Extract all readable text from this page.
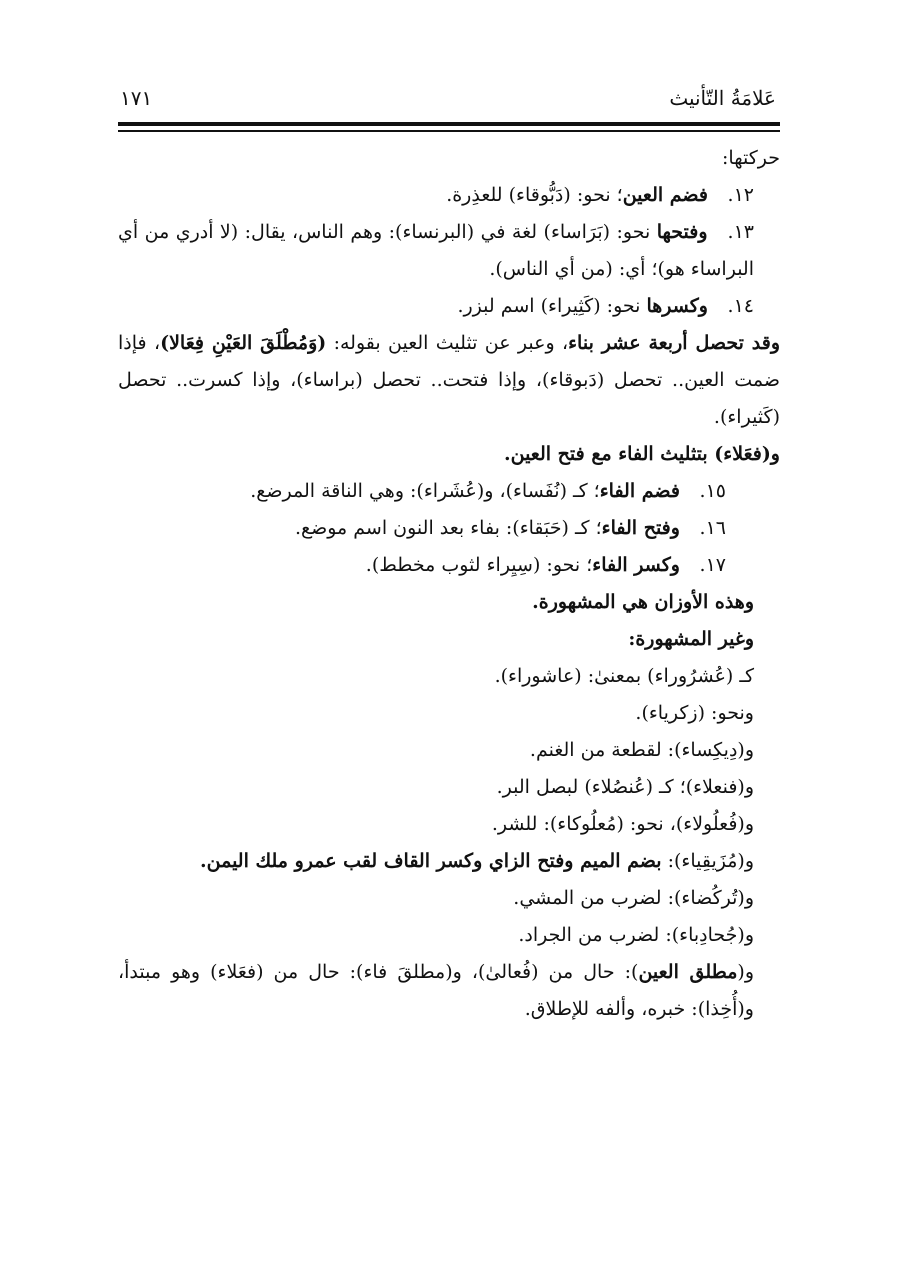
عَلامَةُ التّأنيث
١٧١

حركتها:

١٢. فضم العين؛ نحو: (دَبُّوقاء) للعذِرة.

١٣. وفتحها نحو: (بَرَاساء) لغة في (البرنساء): وهم الناس، يقال: (لا أدري من أي البراساء هو)؛ أي: (من أي الناس).

١٤. وكسرها نحو: (كَثِيراء) اسم لبزر.

وقد تحصل أربعة عشر بناء، وعبر عن تثليث العين بقوله: (وَمُطْلَقَ العَيْنِ فِعَالا)، فإذا ضمت العين.. تحصل (دَبوقاء)، وإذا فتحت.. تحصل (براساء)، وإذا كسرت.. تحصل (كَثيراء).

و(فعَلاء) بتثليث الفاء مع فتح العين.

١٥. فضم الفاء؛ كـ (نُفَساء)، و(عُشَراء): وهي الناقة المرضع.

١٦. وفتح الفاء؛ كـ (حَبَقاء): بفاء بعد النون اسم موضع.

١٧. وكسر الفاء؛ نحو: (سِيِراء لثوب مخطط).

وهذه الأوزان هي المشهورة.

وغير المشهورة:

كـ (عُشرُوراء) بمعنىٰ: (عاشوراء).

ونحو: (زكرياء).

و(دِيكِساء): لقطعة من الغنم.

و(فنعلاء)؛ كـ (عُنصُلاء) لبصل البر.

و(فُعلُولاء)، نحو: (مُعلُوكاء): للشر.

و(مُزَيقِياء): بضم الميم وفتح الزاي وكسر القاف لقب عمرو ملك اليمن.

و(تُركُضاء): لضرب من المشي.

و(جُحادِباء): لضرب من الجراد.

و(مطلق العين): حال من (فُعالىٰ)، و(مطلقَ فاء): حال من (فعَلاء) وهو مبتدأ، و(أُخِذا): خبره، وألفه للإطلاق.
